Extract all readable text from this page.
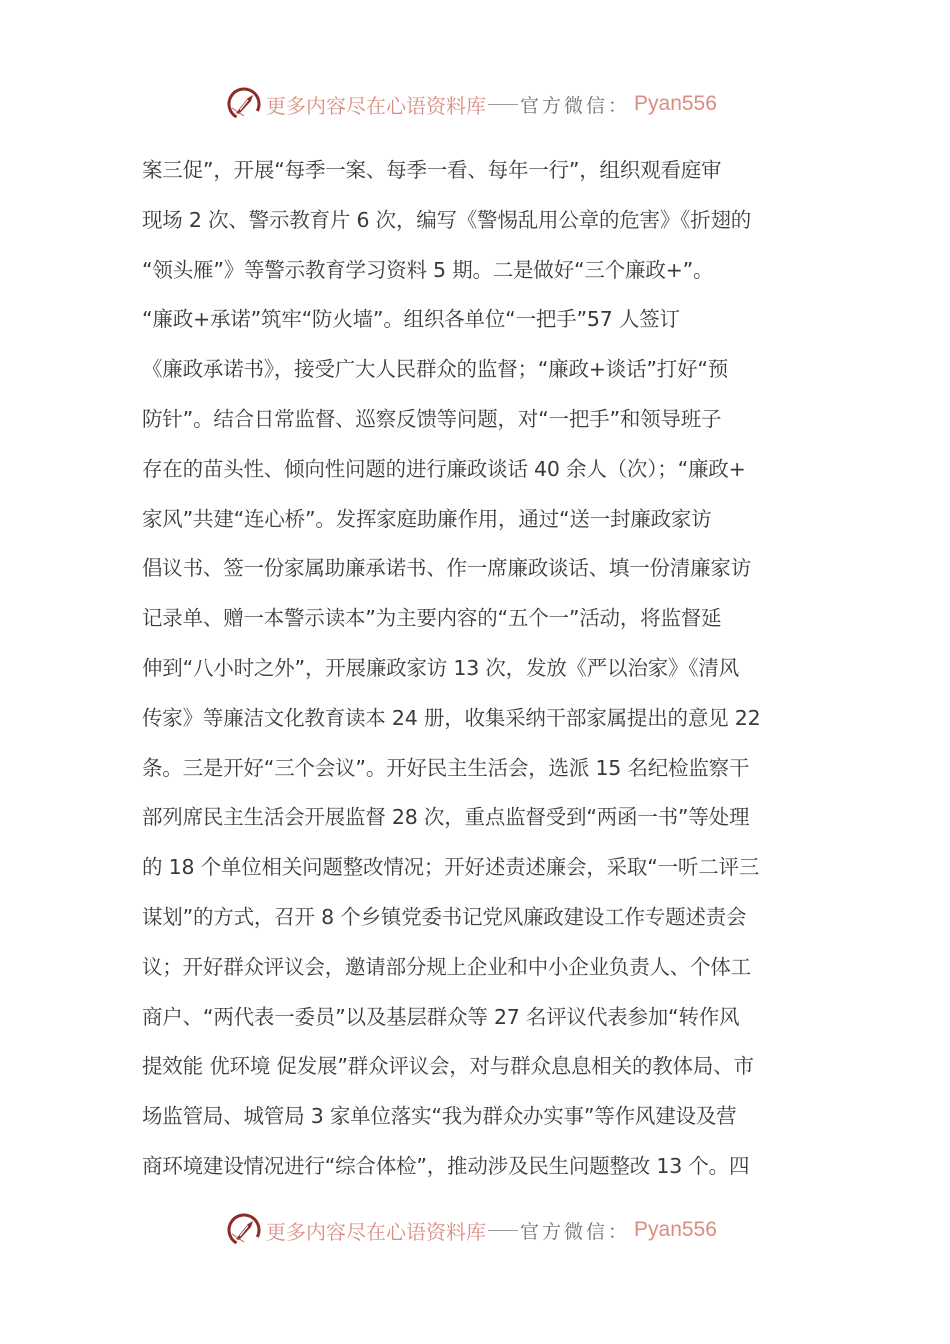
更多内容尽在心语资料库 官方微信： Pyan556
案三促”，开展“每季一案、每季一看、每年一行”，组织观看庭审
现场 2 次、警示教育片 6 次，编写《警惕乱用公章的危害》《折翅的
“领头雁”》等警示教育学习资料 5 期。二是做好“三个廉政+”。
“廉政+承诺”筑牢“防火墙”。组织各单位“一把手”57 人签订
《廉政承诺书》，接受广大人民群众的监督；“廉政+谈话”打好“预
防针”。结合日常监督、巡察反馈等问题，对“一把手”和领导班子
存在的苗头性、倾向性问题的进行廉政谈话 40 余人（次）；“廉政+
家风”共建“连心桥”。发挥家庭助廉作用，通过“送一封廉政家访
倡议书、签一份家属助廉承诺书、作一席廉政谈话、填一份清廉家访
记录单、赠一本警示读本”为主要内容的“五个一”活动，将监督延
伸到“八小时之外”，开展廉政家访 13 次，发放《严以治家》《清风
传家》等廉洁文化教育读本 24 册，收集采纳干部家属提出的意见 22
条。三是开好“三个会议”。开好民主生活会，选派 15 名纪检监察干
部列席民主生活会开展监督 28 次，重点监督受到“两函一书”等处理
的 18 个单位相关问题整改情况；开好述责述廉会，采取“一听二评三
谋划”的方式，召开 8 个乡镇党委书记党风廉政建设工作专题述责会
议；开好群众评议会，邀请部分规上企业和中小企业负责人、个体工
商户、“两代表一委员”以及基层群众等 27 名评议代表参加“转作风
提效能 优环境 促发展”群众评议会，对与群众息息相关的教体局、市
场监管局、城管局 3 家单位落实“我为群众办实事”等作风建设及营
商环境建设情况进行“综合体检”，推动涉及民生问题整改 13 个。四
更多内容尽在心语资料库 官方微信： Pyan556
